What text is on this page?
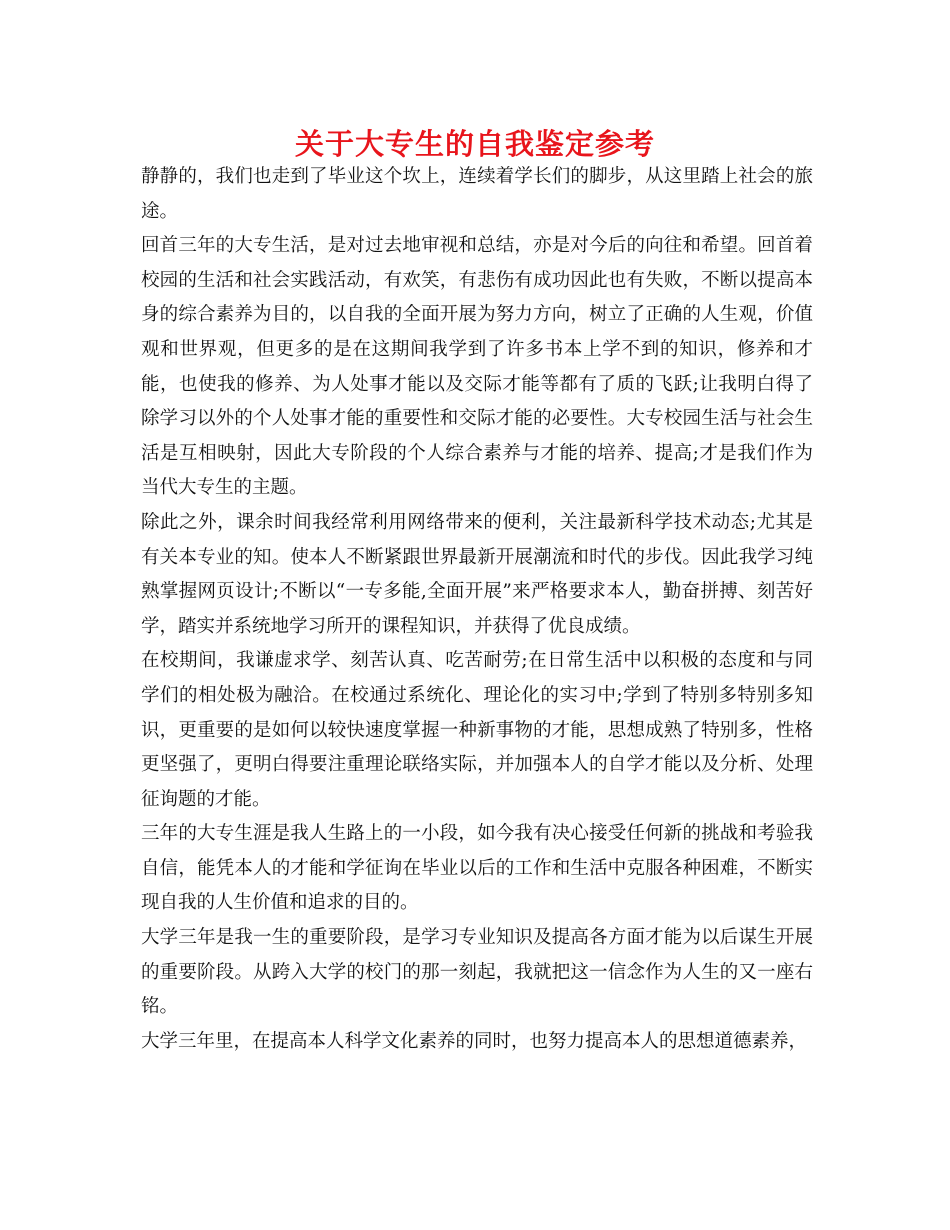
关于大专生的自我鉴定参考

静静的，我们也走到了毕业这个坎上，连续着学长们的脚步，从这里踏上社会的旅途。

回首三年的大专生活，是对过去地审视和总结，亦是对今后的向往和希望。回首着校园的生活和社会实践活动，有欢笑，有悲伤有成功因此也有失败，不断以提高本身的综合素养为目的，以自我的全面开展为努力方向，树立了正确的人生观，价值观和世界观，但更多的是在这期间我学到了许多书本上学不到的知识，修养和才能，也使我的修养、为人处事才能以及交际才能等都有了质的飞跃;让我明白得了除学习以外的个人处事才能的重要性和交际才能的必要性。大专校园生活与社会生活是互相映射，因此大专阶段的个人综合素养与才能的培养、提高;才是我们作为当代大专生的主题。

除此之外，课余时间我经常利用网络带来的便利，关注最新科学技术动态;尤其是有关本专业的知。使本人不断紧跟世界最新开展潮流和时代的步伐。因此我学习纯熟掌握网页设计;不断以“一专多能,全面开展”来严格要求本人，勤奋拼搏、刻苦好学，踏实并系统地学习所开的课程知识，并获得了优良成绩。

在校期间，我谦虚求学、刻苦认真、吃苦耐劳;在日常生活中以积极的态度和与同学们的相处极为融洽。在校通过系统化、理论化的实习中;学到了特别多特别多知识，更重要的是如何以较快速度掌握一种新事物的才能，思想成熟了特别多，性格更坚强了，更明白得要注重理论联络实际，并加强本人的自学才能以及分析、处理征询题的才能。

三年的大专生涯是我人生路上的一小段，如今我有决心接受任何新的挑战和考验我自信，能凭本人的才能和学征询在毕业以后的工作和生活中克服各种困难，不断实现自我的人生价值和追求的目的。

大学三年是我一生的重要阶段，是学习专业知识及提高各方面才能为以后谋生开展的重要阶段。从跨入大学的校门的那一刻起，我就把这一信念作为人生的又一座右铭。

大学三年里，在提高本人科学文化素养的同时，也努力提高本人的思想道德素养，
